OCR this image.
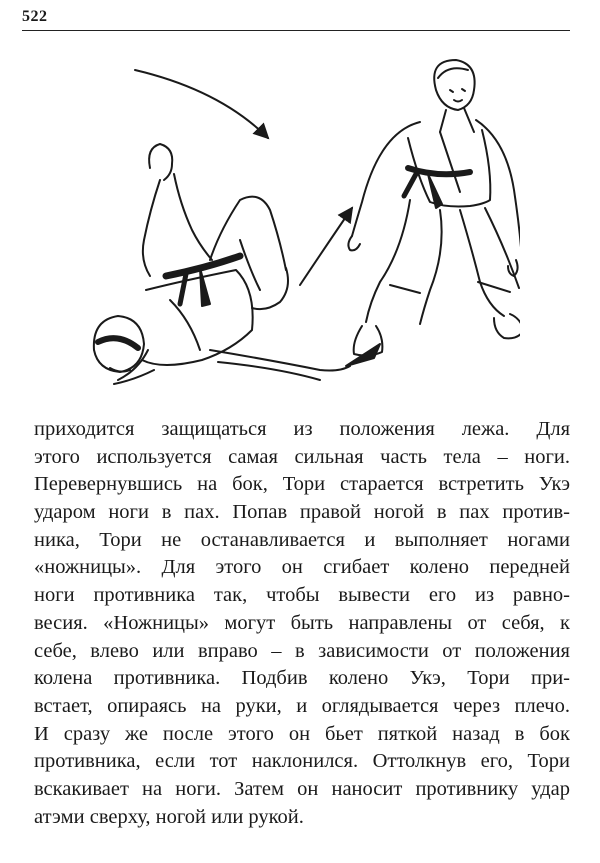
522
приходится защищаться из положения лежа. Для
этого используется самая сильная часть тела – ноги.
Перевернувшись на бок, Тори старается встретить Укэ
ударом ноги в пах. Попав правой ногой в пах против-
ника, Тори не останавливается и выполняет ногами
«ножницы». Для этого он сгибает колено передней
ноги противника так, чтобы вывести его из равно-
весия. «Ножницы» могут быть направлены от себя, к
себе, влево или вправо – в зависимости от положения
колена противника. Подбив колено Укэ, Тори при-
встает, опираясь на руки, и оглядывается через плечо.
И сразу же после этого он бьет пяткой назад в бок
противника, если тот наклонился. Оттолкнув его, Тори
вскакивает на ноги. Затем он наносит противнику удар
атэми сверху, ногой или рукой.
